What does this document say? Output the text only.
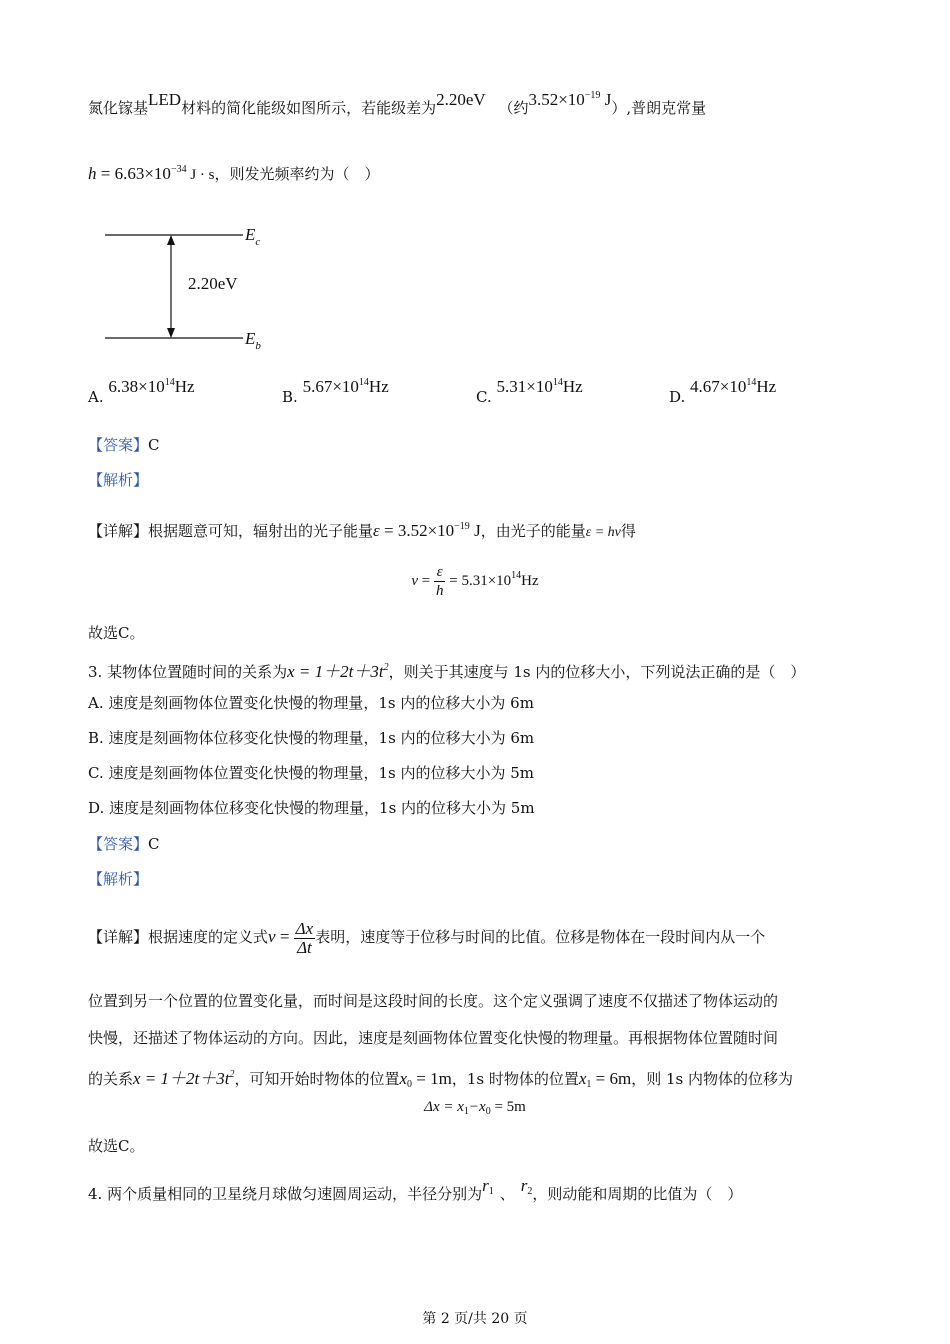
氮化镓基LED材料的简化能级如图所示，若能级差为2.20eV （约$3.52\times 10^{-19}$ J）,普朗克常量
$h = 6.63\times 10^{-34}$ J · s，则发光频率约为（　）
$E_c$
$E_b$
2.20eV
A. $6.38\times 10^{14}Hz$
B. $5.67\times 10^{14}Hz$
C. $5.31\times 10^{14}Hz$
D. $4.67\times 10^{14}Hz$
【答案】C
【解析】
【详解】根据题意可知，辐射出的光子能量$\varepsilon = 3.52\times 10^{-19}$ J，由光子的能量ε = hν得
$\nu = \frac{\varepsilon}{h} = 5.31\times 10^{14}Hz$
故选C。
3. 某物体位置随时间的关系为$x = 1+2t+3t^2$，则关于其速度与 1s 内的位移大小，下列说法正确的是（　）
A. 速度是刻画物体位置变化快慢的物理量，1s 内的位移大小为 6m
B. 速度是刻画物体位移变化快慢的物理量，1s 内的位移大小为 6m
C. 速度是刻画物体位置变化快慢的物理量，1s 内的位移大小为 5m
D. 速度是刻画物体位移变化快慢的物理量，1s 内的位移大小为 5m
【答案】C
【解析】
【详解】根据速度的定义式$v = \frac{\Delta x}{\Delta t}$ 表明，速度等于位移与时间的比值。位移是物体在一段时间内从一个
位置到另一个位置的位置变化量，而时间是这段时间的长度。这个定义强调了速度不仅描述了物体运动的
快慢，还描述了物体运动的方向。因此，速度是刻画物体位置变化快慢的物理量。再根据物体位置随时间
的关系$x = 1+2t+3t^2$，可知开始时物体的位置$x_0 = 1m$，1s 时物体的位置$x_1 = 6m$，则 1s 内物体的位移为
$\Delta x = x_1-x_0 = 5m$
故选C。
4. 两个质量相同的卫星绕月球做匀速圆周运动，半径分别为$r_1$ 、 $r_2$，则动能和周期的比值为（　）
第 2 页/共 20 页
